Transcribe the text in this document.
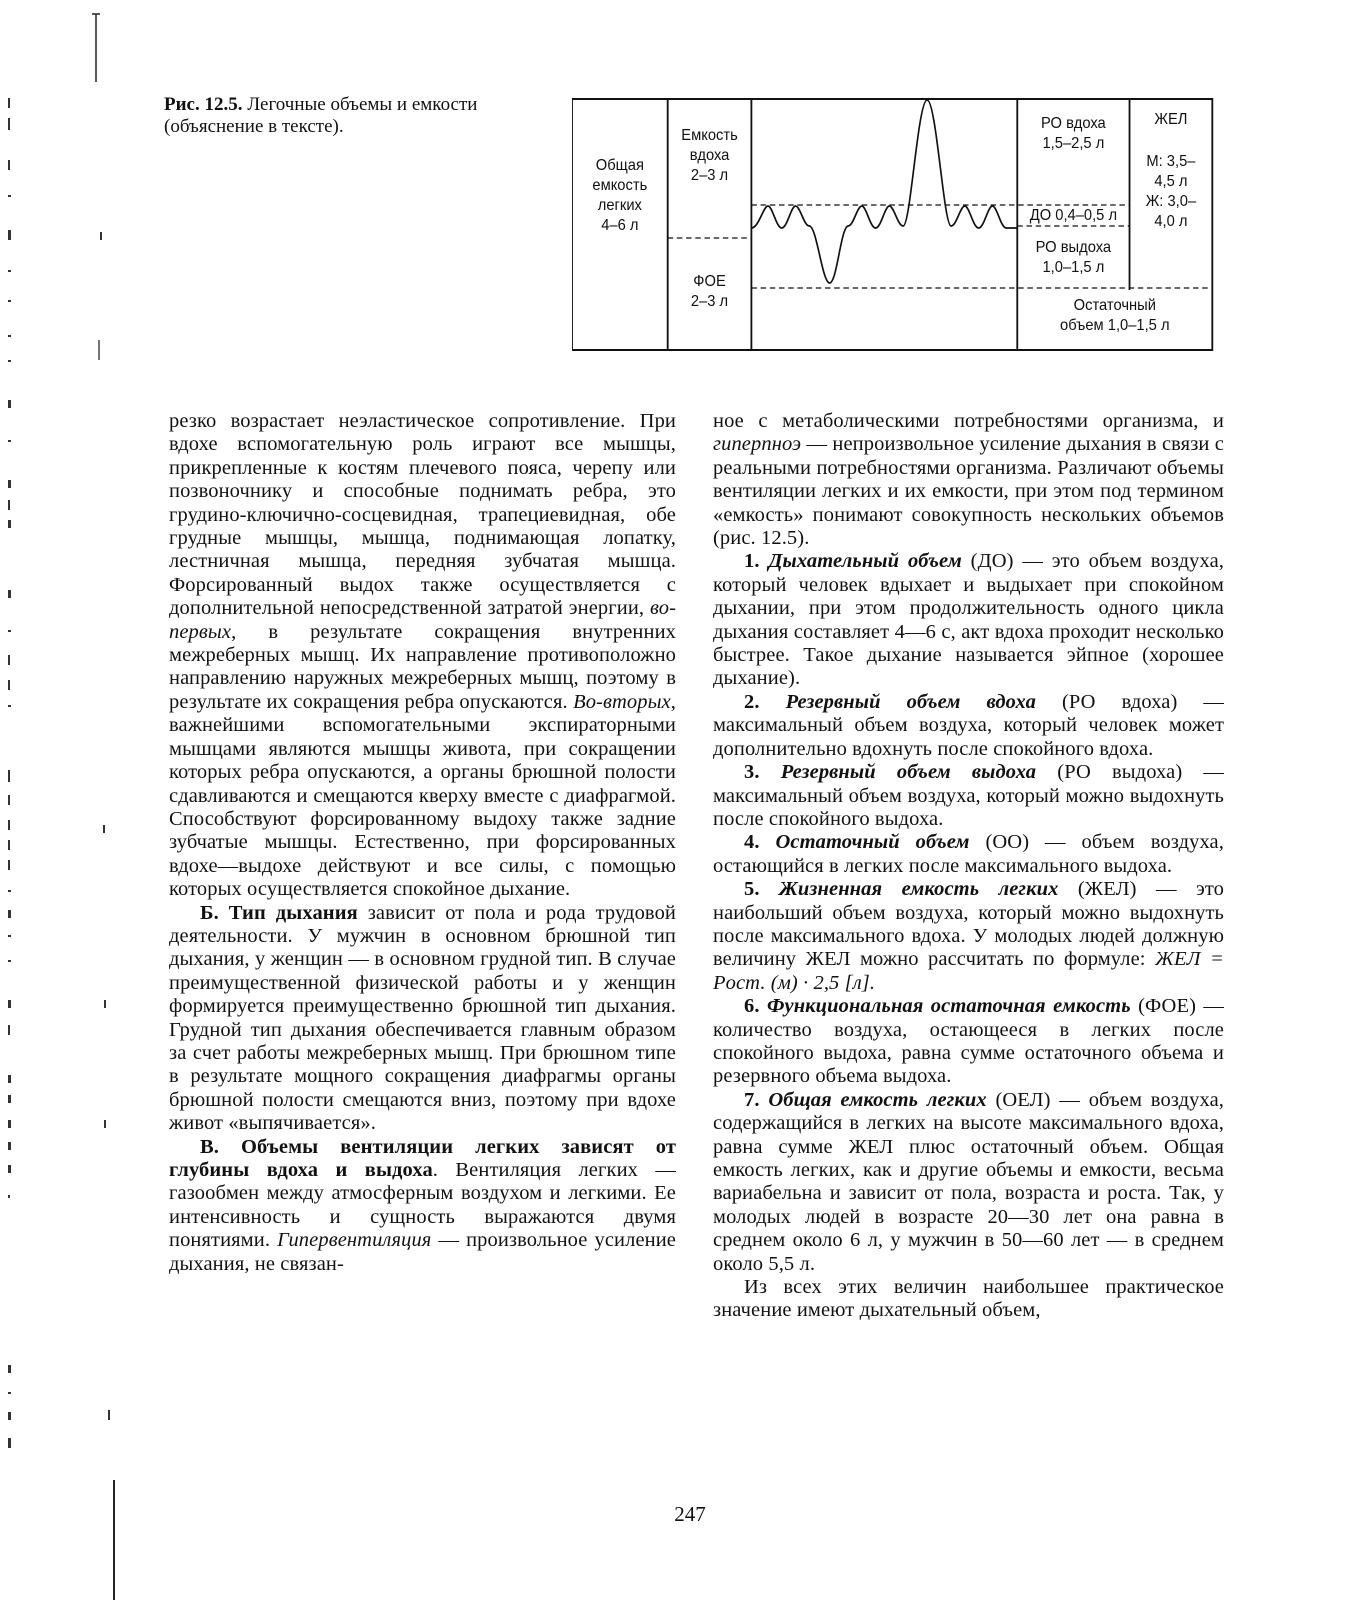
Рис. 12.5. Легочные объемы и емкости (объяснение в тексте).
Общая
емкость
легких
4–6 л
Емкость
вдоха
2–3 л
ФОЕ
2–3 л
РО вдоха
1,5–2,5 л
ДО 0,4–0,5 л
РО выдоха
1,0–1,5 л
Остаточный
объем 1,0–1,5 л
ЖЕЛ
М: 3,5–
4,5 л
Ж: 3,0–
4,0 л

резко возрастает неэластическое сопротивление. При вдохе вспомогательную роль играют все мышцы, прикрепленные к костям плечевого пояса, черепу или позвоночнику и способные поднимать ребра, это грудино-ключично-сосцевидная, трапециевидная, обе грудные мышцы, мышца, поднимающая лопатку, лестничная мышца, передняя зубчатая мышца. Форсированный выдох также осуществляется с дополнительной непосредственной затратой энергии, во-первых, в результате сокращения внутренних межреберных мышц. Их направление противоположно направлению наружных межреберных мышц, поэтому в результате их сокращения ребра опускаются. Во-вторых, важнейшими вспомогательными экспираторными мышцами являются мышцы живота, при сокращении которых ребра опускаются, а органы брюшной полости сдавливаются и смещаются кверху вместе с диафрагмой. Способствуют форсированному выдоху также задние зубчатые мышцы. Естественно, при форсированных вдохе—выдохе действуют и все силы, с помощью которых осуществляется спокойное дыхание.

Б. Тип дыхания зависит от пола и рода трудовой деятельности. У мужчин в основном брюшной тип дыхания, у женщин — в основном грудной тип. В случае преимущественной физической работы и у женщин формируется преимущественно брюшной тип дыхания. Грудной тип дыхания обеспечивается главным образом за счет работы межреберных мышц. При брюшном типе в результате мощного сокращения диафрагмы органы брюшной полости смещаются вниз, поэтому при вдохе живот «выпячивается».

В. Объемы вентиляции легких зависят от глубины вдоха и выдоха. Вентиляция легких — газообмен между атмосферным воздухом и легкими. Ее интенсивность и сущность выражаются двумя понятиями. Гипервентиляция — произвольное усиление дыхания, не связан-

ное с метаболическими потребностями организма, и гиперпноэ — непроизвольное усиление дыхания в связи с реальными потребностями организма. Различают объемы вентиляции легких и их емкости, при этом под термином «емкость» понимают совокупность нескольких объемов (рис. 12.5).

1. Дыхательный объем (ДО) — это объем воздуха, который человек вдыхает и выдыхает при спокойном дыхании, при этом продолжительность одного цикла дыхания составляет 4—6 с, акт вдоха проходит несколько быстрее. Такое дыхание называется эйпное (хорошее дыхание).

2. Резервный объем вдоха (РО вдоха) — максимальный объем воздуха, который человек может дополнительно вдохнуть после спокойного вдоха.

3. Резервный объем выдоха (РО выдоха) — максимальный объем воздуха, который можно выдохнуть после спокойного выдоха.

4. Остаточный объем (ОО) — объем воздуха, остающийся в легких после максимального выдоха.

5. Жизненная емкость легких (ЖЕЛ) — это наибольший объем воздуха, который можно выдохнуть после максимального вдоха. У молодых людей должную величину ЖЕЛ можно рассчитать по формуле: ЖЕЛ = Pост. (м) · 2,5 [л].

6. Функциональная остаточная емкость (ФОЕ) — количество воздуха, остающееся в легких после спокойного выдоха, равна сумме остаточного объема и резервного объема выдоха.

7. Общая емкость легких (ОЕЛ) — объем воздуха, содержащийся в легких на высоте максимального вдоха, равна сумме ЖЕЛ плюс остаточный объем. Общая емкость легких, как и другие объемы и емкости, весьма вариабельна и зависит от пола, возраста и роста. Так, у молодых людей в возрасте 20—30 лет она равна в среднем около 6 л, у мужчин в 50—60 лет — в среднем около 5,5 л.

Из всех этих величин наибольшее практическое значение имеют дыхательный объем,

247
